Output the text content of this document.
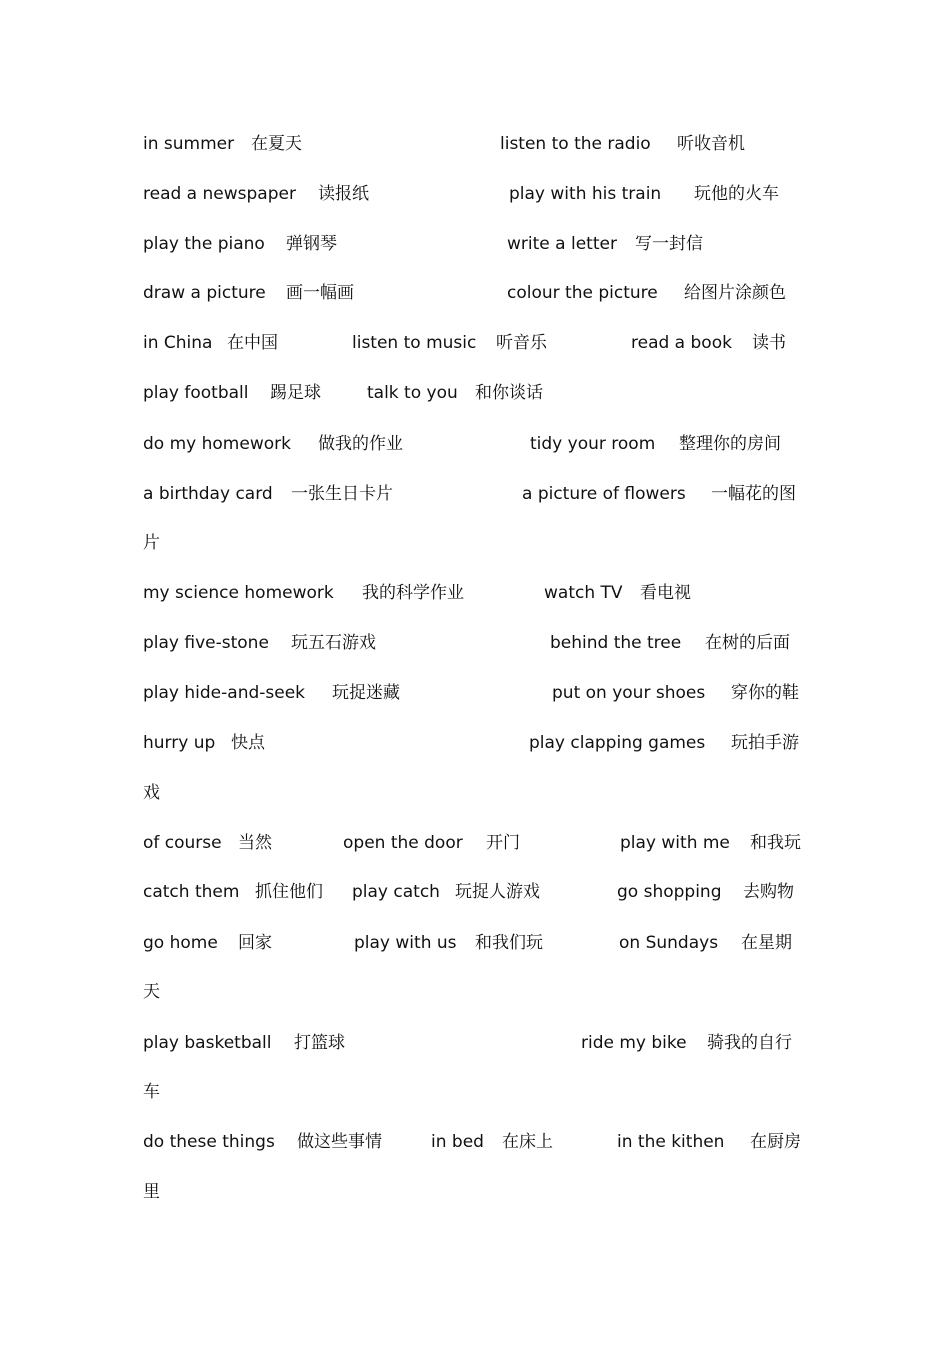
in summer 在夏天	listen to the radio 听收音机
read a newspaper 读报纸	play with his train 玩他的火车
play the piano 弹钢琴	write a letter 写一封信
draw a picture 画一幅画	colour the picture 给图片涂颜色
in China 在中国	listen to music 听音乐	read a book 读书
play football 踢足球	talk to you 和你谈话
do my homework 做我的作业	tidy your room 整理你的房间
a birthday card 一张生日卡片	a picture of flowers 一幅花的图
片
my science homework 我的科学作业	watch TV 看电视
play five-stone 玩五石游戏	behind the tree 在树的后面
play hide-and-seek 玩捉迷藏	put on your shoes 穿你的鞋
hurry up 快点	play clapping games 玩拍手游
戏
of course 当然	open the door 开门	play with me 和我玩
catch them 抓住他们 play catch 玩捉人游戏	go shopping 去购物
go home 回家	play with us 和我们玩	on Sundays 在星期
天
play basketball 打篮球	ride my bike 骑我的自行
车
do these things 做这些事情	in bed 在床上	in the kithen 在厨房
里
